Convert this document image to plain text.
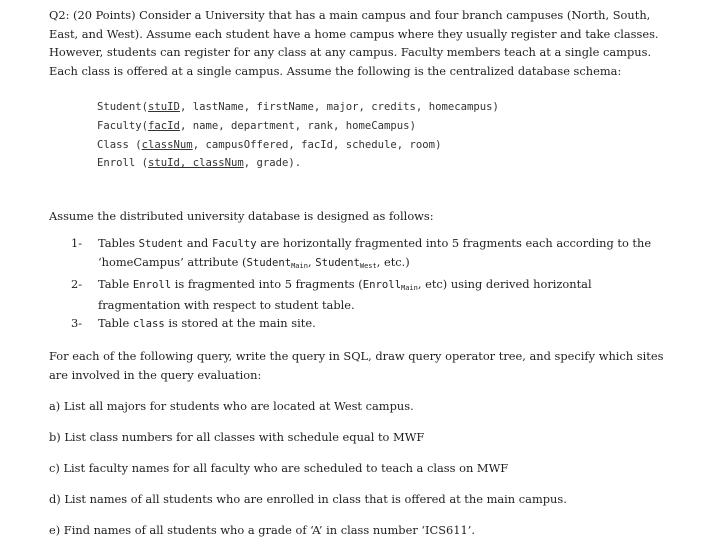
Q2: (20 Points) Consider a University that has a main campus and four branch campuses (North, South, East, and West). Assume each student have a home campus where they usually register and take classes. However, students can register for any class at any campus. Faculty members teach at a single campus. Each class is offered at a single campus. Assume the following is the centralized database schema:

Student(stuID, lastName, firstName, major, credits, homecampus)
Faculty(facId, name, department, rank, homeCampus)
Class (classNum, campusOffered, facId, schedule, room)
Enroll (stuId, classNum, grade).

Assume the distributed university database is designed as follows:

1- Tables Student and Faculty are horizontally fragmented into 5 fragments each according to the ‘homeCampus’ attribute (Student$_{Main}$, Student$_{West}$, etc.)
2- Table Enroll is fragmented into 5 fragments (Enroll$_{Main}$, etc) using derived horizontal fragmentation with respect to student table.
3- Table class is stored at the main site.

For each of the following query, write the query in SQL, draw query operator tree, and specify which sites are involved in the query evaluation:

a) List all majors for students who are located at West campus.

b) List class numbers for all classes with schedule equal to MWF

c) List faculty names for all faculty who are scheduled to teach a class on MWF

d) List names of all students who are enrolled in class that is offered at the main campus.

e) Find names of all students who a grade of ‘A’ in class number ‘ICS611’.
